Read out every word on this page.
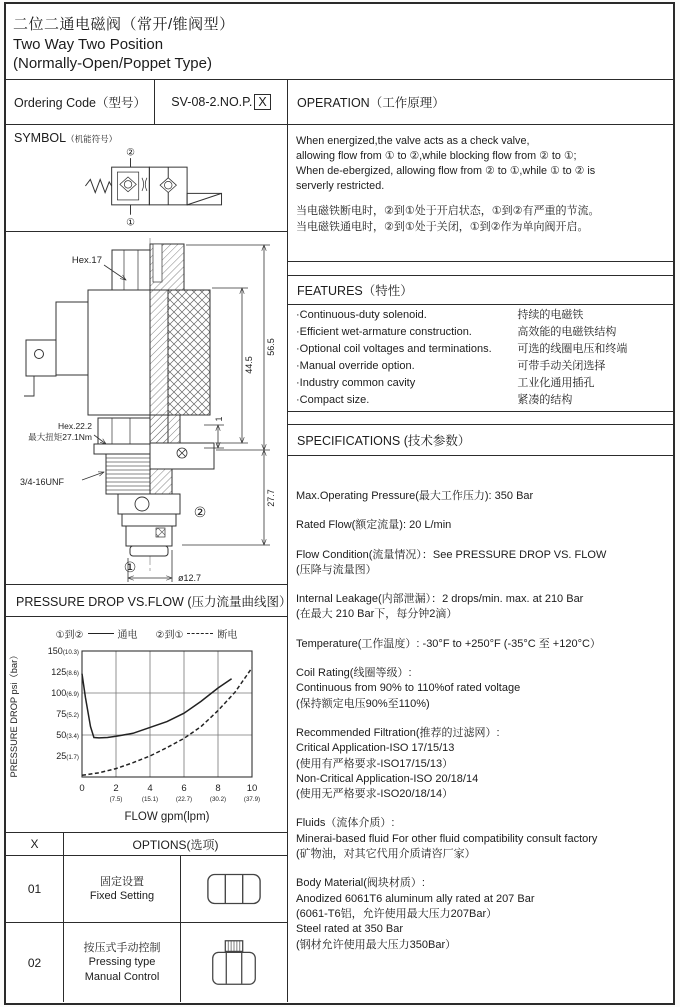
二位二通电磁阀（常开/锥阀型）
Two Way Two Position
(Normally-Open/Poppet Type)
Ordering Code（型号）	SV-08-2.NO.P. X	OPERATION（工作原理）
SYMBOL（机能符号）
②
①
Hex.17
Hex.22.2
最大扭矩27.1Nm
3/4-16UNF
56.5
44.5
1
27.7
ø12.7
②
①
PRESSURE DROP VS.FLOW (压力流量曲线图）
①到②	通电 ②到①	断电
150(10.3)
125(8.6)
100(6.9)
75(5.2)
50(3.4)
25(1.7)
0	2
(7.5)
4
(15.1)
6
(22.7)
8
(30.2)
10
(37.9)
PRESSURE DROP psi（bar）
FLOW gpm(lpm)
X	OPTIONS(选项)
01
固定设置
Fixed Setting
02
按压式手动控制
Pressing type
Manual Control
When energized,the valve acts as a check valve,
allowing flow from ① to ②,while blocking flow from ② to ①;
When de-ebergized, allowing flow from ② to ①,while ① to ② is
serverly restricted.
当电磁铁断电时，②到①处于开启状态，①到②有严重的节流。
当电磁铁通电时，②到①处于关闭，①到②作为单向阀开启。
FEATURES（特性）
·Continuous-duty solenoid.	持续的电磁铁
·Efficient wet-armature construction.	高效能的电磁铁结构
·Optional coil voltages and terminations.	可选的线圈电压和终端
·Manual override option.	可带手动关闭选择
·Industry common cavity	工业化通用插孔
·Compact size.	紧凑的结构
SPECIFICATIONS (技术参数）
Max.Operating Pressure(最大工作压力): 350 Bar
Rated Flow(额定流量): 20 L/min
Flow Condition(流量情况）：See PRESSURE DROP VS. FLOW
(压降与流量图）
Internal Leakage(内部泄漏）：2 drops/min. max. at 210 Bar
(在最大 210 Bar下，每分钟2滴）
Temperature(工作温度）: -30°F to +250°F (-35°C 至 +120°C）
Coil Rating(线圈等级）:
Continuous from 90% to 110%of rated voltage
(保持额定电压90%至110%)
Recommended Filtration(推荐的过滤网）:
Critical Application-ISO 17/15/13
(使用有严格要求-ISO17/15/13）
Non-Critical Application-ISO 20/18/14
(使用无严格要求-ISO20/18/14）
Fluids（流体介质）:
Minerai-based fluid For other fluid compatibility consult factory
(矿物油，对其它代用介质请咨厂家）
Body Material(阀块材质）:
Anodized 6061T6 aluminum ally rated at 207 Bar
(6061-T6铝，允许使用最大压力207Bar）
Steel rated at 350 Bar
(钢材允许使用最大压力350Bar）
